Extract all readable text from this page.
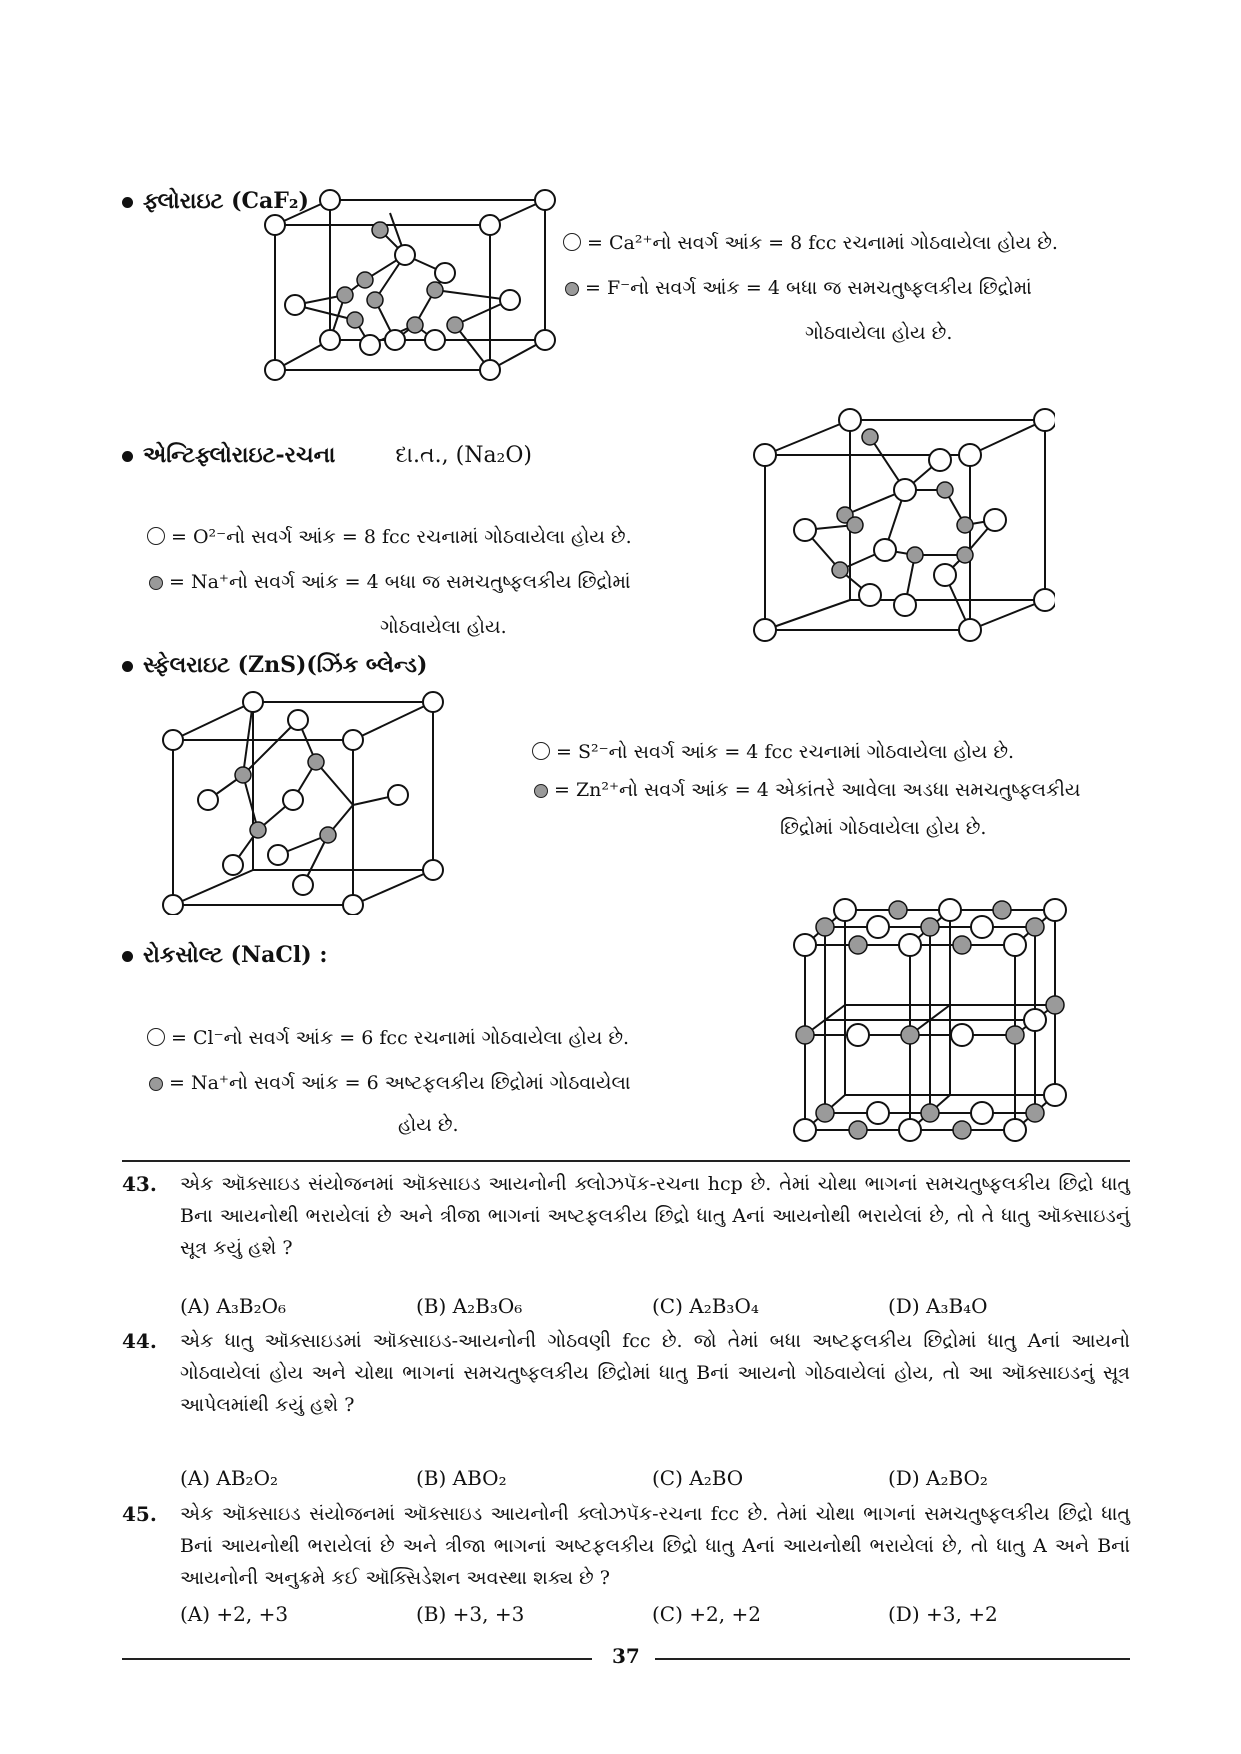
ફ્લોરાઇટ (CaF₂)
= Ca²⁺નો સવર્ગ આંક = 8 fcc રચનામાં ગોઠવાયેલા હોય છે.
= F⁻નો સવર્ગ આંક = 4 બધા જ સમચતુષ્ફલકીય છિદ્રોમાં
ગોઠવાયેલા હોય છે.
એન્ટિફ્લોરાઇટ-રચના	દા.ત., (Na₂O)
= O²⁻નો સવર્ગ આંક = 8 fcc રચનામાં ગોઠવાયેલા હોય છે.
= Na⁺નો સવર્ગ આંક = 4 બધા જ સમચતુષ્ફલકીય છિદ્રોમાં
ગોઠવાયેલા હોય.
સ્ફેલરાઇટ (ZnS)(ઝિંક બ્લેન્ડ)
= S²⁻નો સવર્ગ આંક = 4 fcc રચનામાં ગોઠવાયેલા હોય છે.
= Zn²⁺નો સવર્ગ આંક = 4 એકાંતરે આવેલા અડધા સમચતુષ્ફલકીય
છિદ્રોમાં ગોઠવાયેલા હોય છે.
રોકસોલ્ટ (NaCl) :
= Cl⁻નો સવર્ગ આંક = 6 fcc રચનામાં ગોઠવાયેલા હોય છે.
= Na⁺નો સવર્ગ આંક = 6 અષ્ટફલકીય છિદ્રોમાં ગોઠવાયેલા
હોય છે.
43. એક ઑક્સાઇડ સંયોજનમાં ઑક્સાઇડ આયનોની ક્લોઝપૅક-રચના hcp છે. તેમાં ચોથા ભાગનાં સમચતુષ્ફલકીય છિદ્રો ધાતુ Bના આયનોથી ભરાયેલાં છે અને ત્રીજા ભાગનાં અષ્ટફલકીય છિદ્રો ધાતુ Aનાં આયનોથી ભરાયેલાં છે, તો તે ધાતુ ઑક્સાઇડનું સૂત્ર કયું હશે ?
(A) A₃B₂O₆	(B) A₂B₃O₆	(C) A₂B₃O₄	(D) A₃B₄O
44. એક ધાતુ ઑક્સાઇડમાં ઑક્સાઇડ-આયનોની ગોઠવણી fcc છે. જો તેમાં બધા અષ્ટફલકીય છિદ્રોમાં ધાતુ Aનાં આયનો ગોઠવાયેલાં હોય અને ચોથા ભાગનાં સમચતુષ્ફલકીય છિદ્રોમાં ધાતુ Bનાં આયનો ગોઠવાયેલાં હોય, તો આ ઑક્સાઇડનું સૂત્ર આપેલમાંથી કયું હશે ?
(A) AB₂O₂	(B) ABO₂	(C) A₂BO	(D) A₂BO₂
45. એક ઑક્સાઇડ સંયોજનમાં ઑક્સાઇડ આયનોની ક્લોઝપૅક-રચના fcc છે. તેમાં ચોથા ભાગનાં સમચતુષ્ફલકીય છિદ્રો ધાતુ Bનાં આયનોથી ભરાયેલાં છે અને ત્રીજા ભાગનાં અષ્ટફલકીય છિદ્રો ધાતુ Aનાં આયનોથી ભરાયેલાં છે, તો ધાતુ A અને Bનાં આયનોની અનુક્રમે કઈ ઑક્સિડેશન અવસ્થા શક્ય છે ?
(A) +2, +3	(B) +3, +3	(C) +2, +2	(D) +3, +2
37
